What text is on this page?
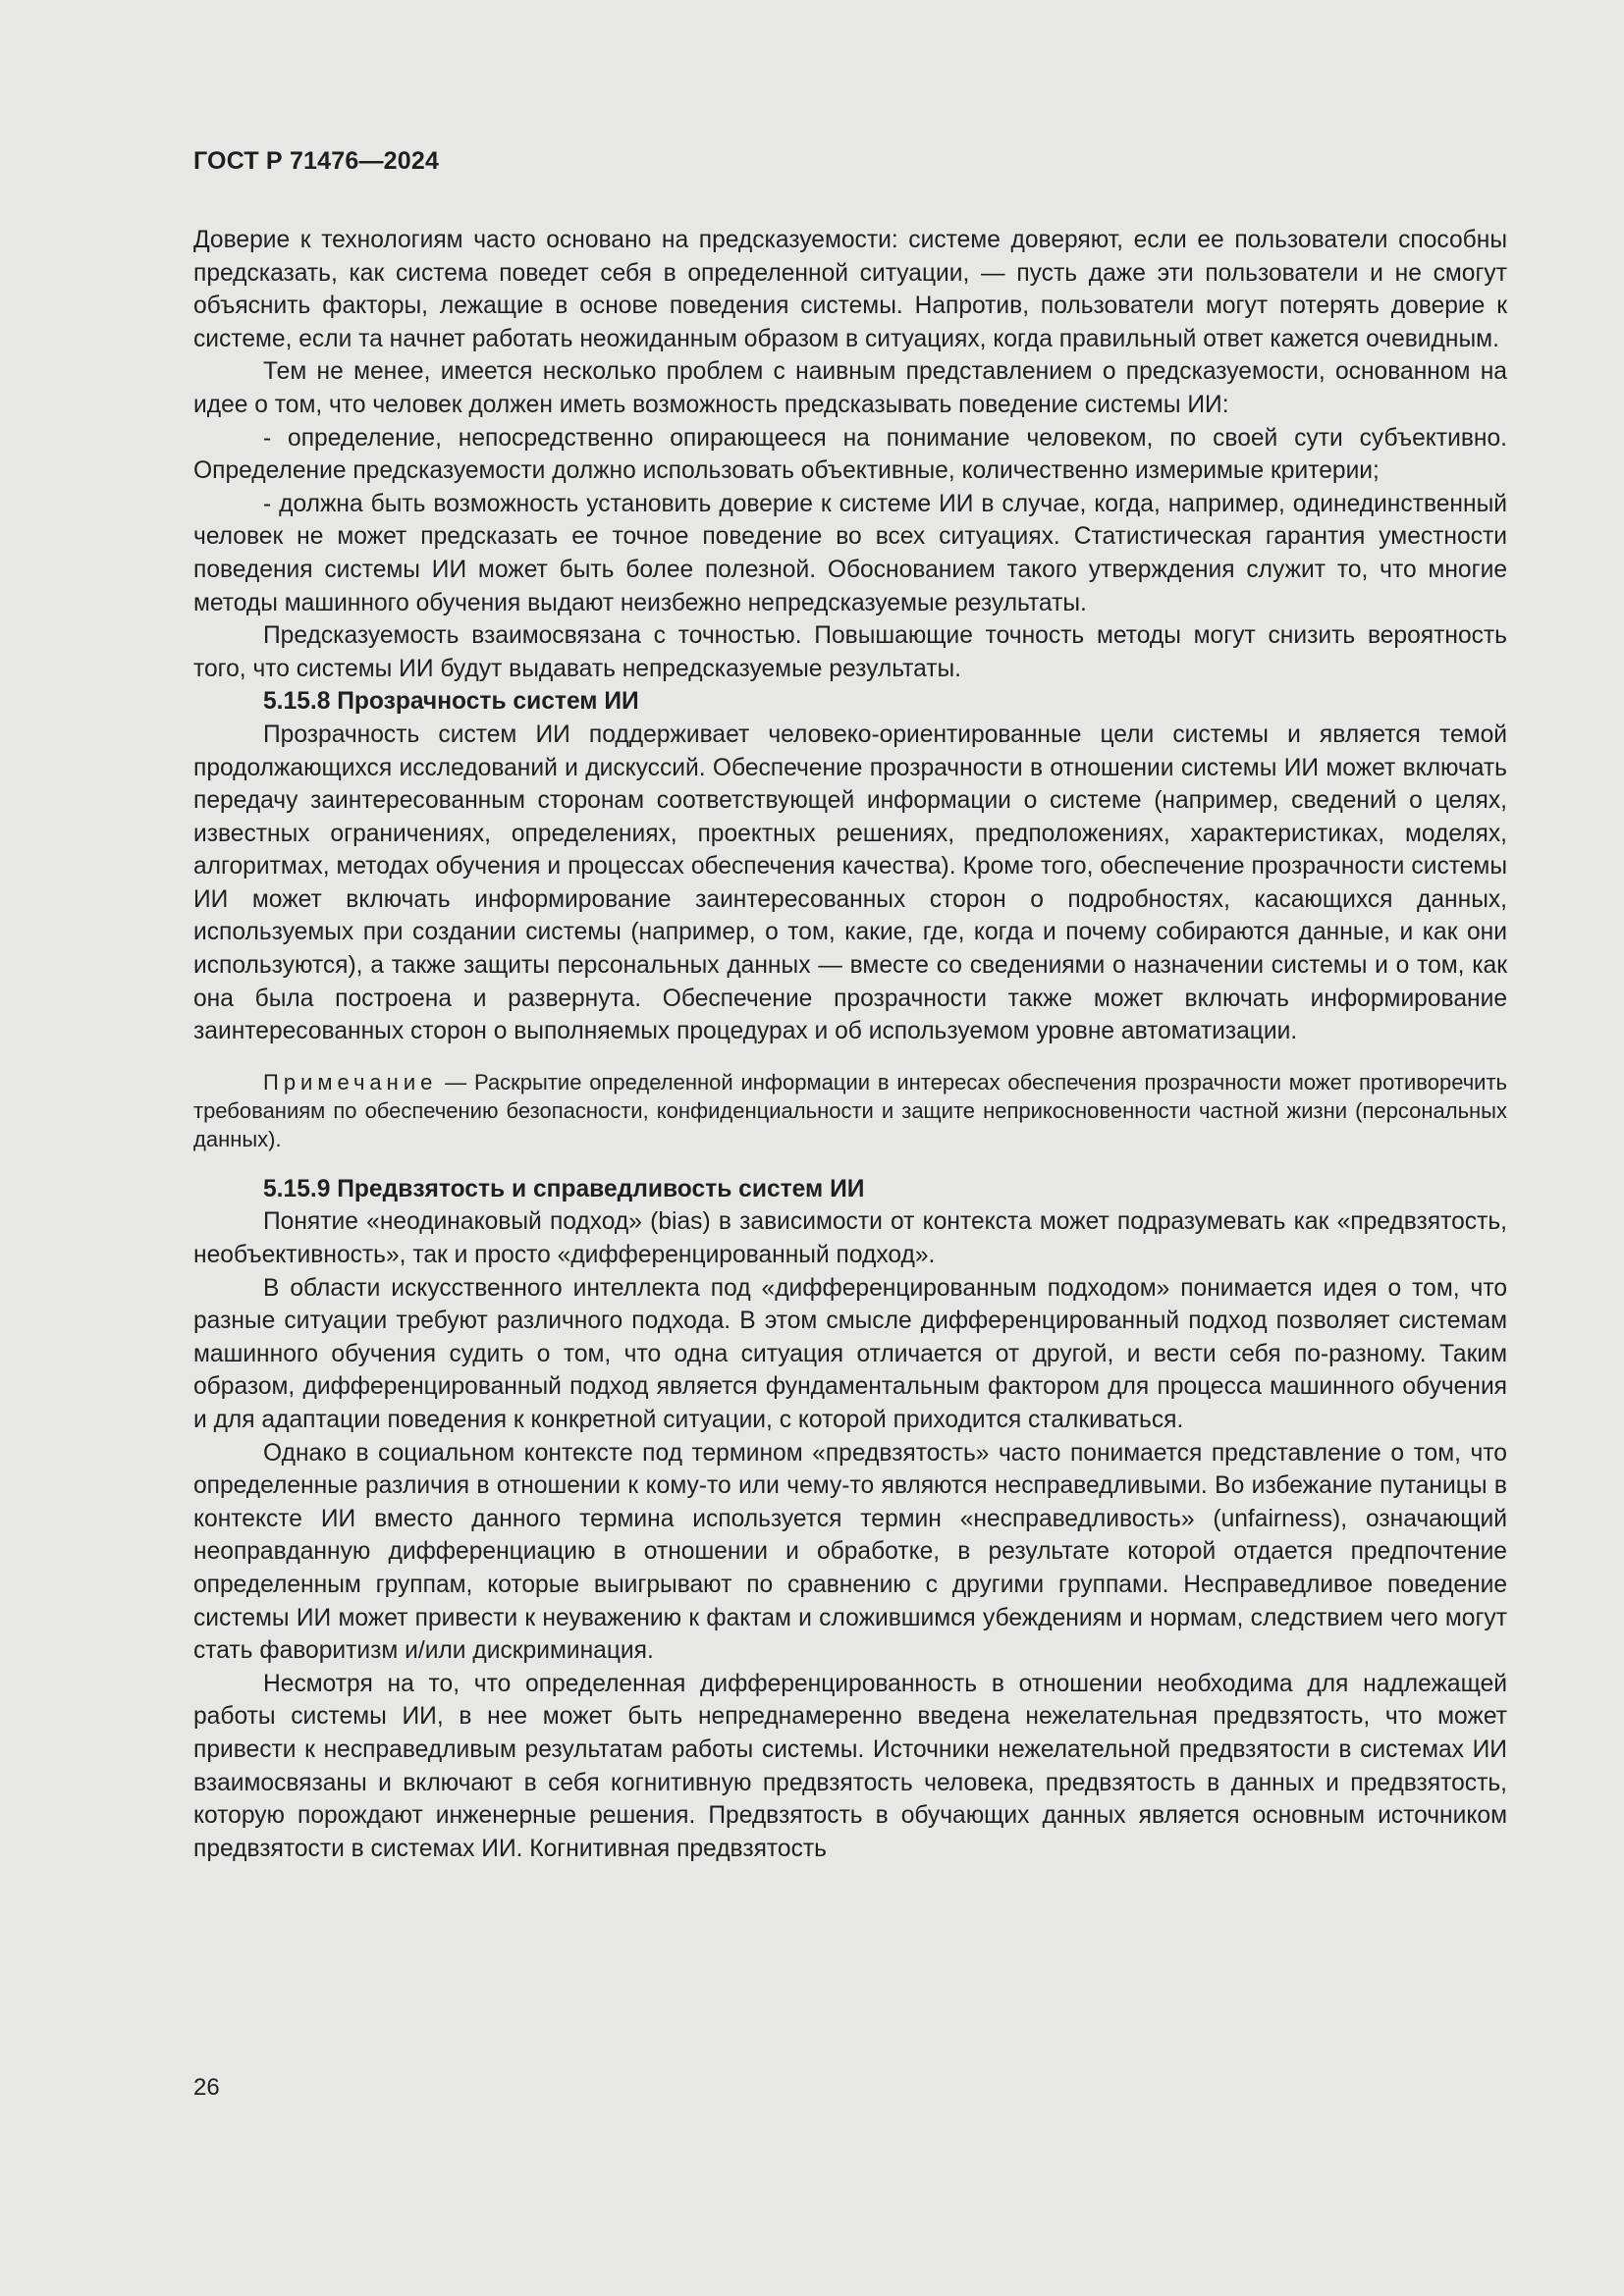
ГОСТ Р 71476—2024

Доверие к технологиям часто основано на предсказуемости: системе доверяют, если ее пользователи способны предсказать, как система поведет себя в определенной ситуации, — пусть даже эти пользователи и не смогут объяснить факторы, лежащие в основе поведения системы. Напротив, пользователи могут потерять доверие к системе, если та начнет работать неожиданным образом в ситуациях, когда правильный ответ кажется очевидным.

Тем не менее, имеется несколько проблем с наивным представлением о предсказуемости, основанном на идее о том, что человек должен иметь возможность предсказывать поведение системы ИИ:

- определение, непосредственно опирающееся на понимание человеком, по своей сути субъективно. Определение предсказуемости должно использовать объективные, количественно измеримые критерии;

- должна быть возможность установить доверие к системе ИИ в случае, когда, например, одинединственный человек не может предсказать ее точное поведение во всех ситуациях. Статистическая гарантия уместности поведения системы ИИ может быть более полезной. Обоснованием такого утверждения служит то, что многие методы машинного обучения выдают неизбежно непредсказуемые результаты.

Предсказуемость взаимосвязана с точностью. Повышающие точность методы могут снизить вероятность того, что системы ИИ будут выдавать непредсказуемые результаты.

5.15.8 Прозрачность систем ИИ

Прозрачность систем ИИ поддерживает человеко-ориентированные цели системы и является темой продолжающихся исследований и дискуссий. Обеспечение прозрачности в отношении системы ИИ может включать передачу заинтересованным сторонам соответствующей информации о системе (например, сведений о целях, известных ограничениях, определениях, проектных решениях, предположениях, характеристиках, моделях, алгоритмах, методах обучения и процессах обеспечения качества). Кроме того, обеспечение прозрачности системы ИИ может включать информирование заинтересованных сторон о подробностях, касающихся данных, используемых при создании системы (например, о том, какие, где, когда и почему собираются данные, и как они используются), а также защиты персональных данных — вместе со сведениями о назначении системы и о том, как она была построена и развернута. Обеспечение прозрачности также может включать информирование заинтересованных сторон о выполняемых процедурах и об используемом уровне автоматизации.

Примечание — Раскрытие определенной информации в интересах обеспечения прозрачности может противоречить требованиям по обеспечению безопасности, конфиденциальности и защите неприкосновенности частной жизни (персональных данных).

5.15.9 Предвзятость и справедливость систем ИИ

Понятие «неодинаковый подход» (bias) в зависимости от контекста может подразумевать как «предвзятость, необъективность», так и просто «дифференцированный подход».

В области искусственного интеллекта под «дифференцированным подходом» понимается идея о том, что разные ситуации требуют различного подхода. В этом смысле дифференцированный подход позволяет системам машинного обучения судить о том, что одна ситуация отличается от другой, и вести себя по-разному. Таким образом, дифференцированный подход является фундаментальным фактором для процесса машинного обучения и для адаптации поведения к конкретной ситуации, с которой приходится сталкиваться.

Однако в социальном контексте под термином «предвзятость» часто понимается представление о том, что определенные различия в отношении к кому-то или чему-то являются несправедливыми. Во избежание путаницы в контексте ИИ вместо данного термина используется термин «несправедливость» (unfairness), означающий неоправданную дифференциацию в отношении и обработке, в результате которой отдается предпочтение определенным группам, которые выигрывают по сравнению с другими группами. Несправедливое поведение системы ИИ может привести к неуважению к фактам и сложившимся убеждениям и нормам, следствием чего могут стать фаворитизм и/или дискриминация.

Несмотря на то, что определенная дифференцированность в отношении необходима для надлежащей работы системы ИИ, в нее может быть непреднамеренно введена нежелательная предвзятость, что может привести к несправедливым результатам работы системы. Источники нежелательной предвзятости в системах ИИ взаимосвязаны и включают в себя когнитивную предвзятость человека, предвзятость в данных и предвзятость, которую порождают инженерные решения. Предвзятость в обучающих данных является основным источником предвзятости в системах ИИ. Когнитивная предвзятость

26
